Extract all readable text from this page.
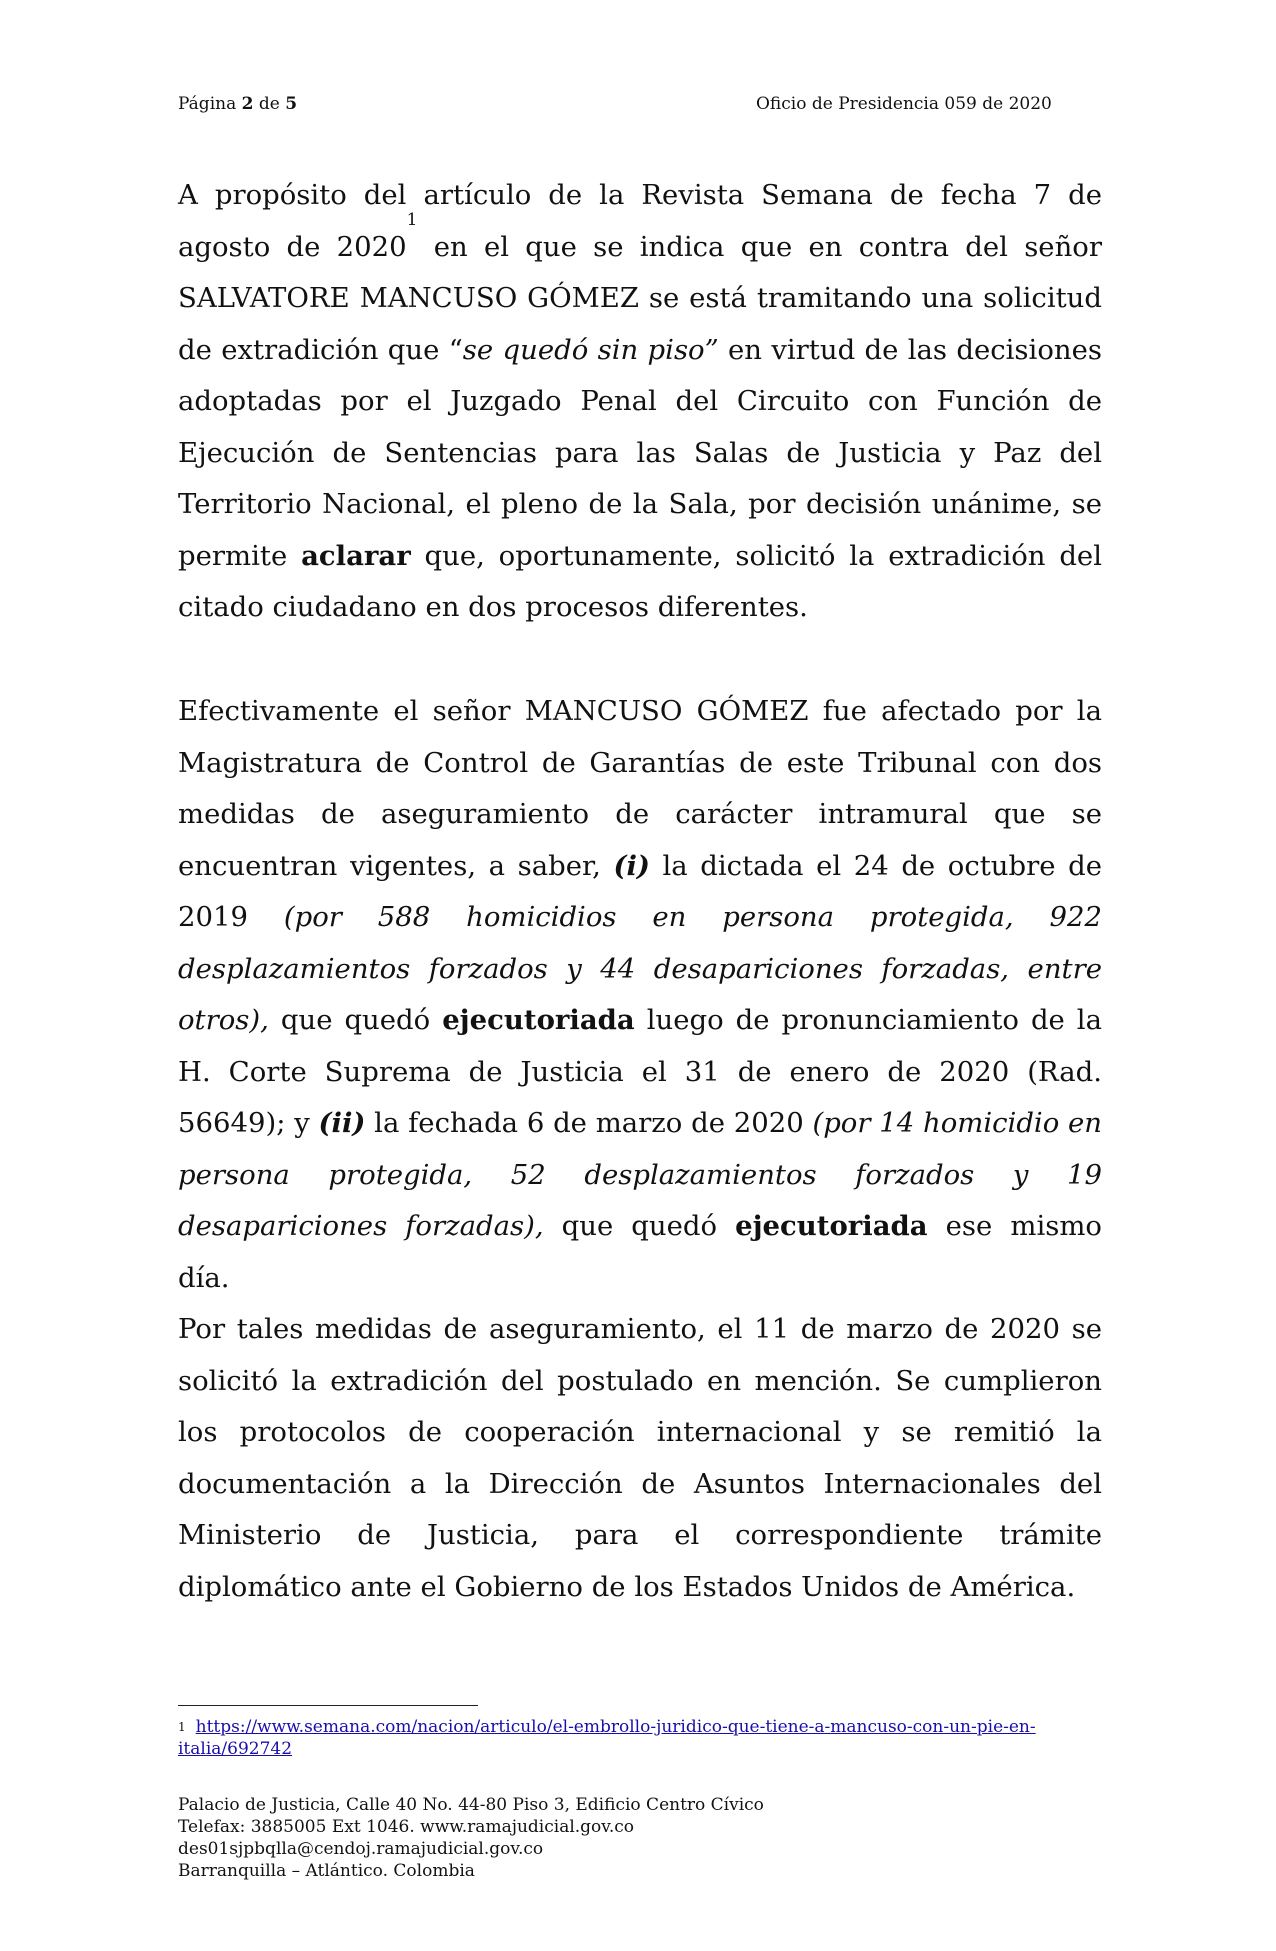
Página 2 de 5	Oficio de Presidencia 059 de 2020

A propósito del artículo de la Revista Semana de fecha 7 de agosto de 2020$^1$ en el que se indica que en contra del señor SALVATORE MANCUSO GÓMEZ se está tramitando una solicitud de extradición que “se quedó sin piso” en virtud de las decisiones adoptadas por el Juzgado Penal del Circuito con Función de Ejecución de Sentencias para las Salas de Justicia y Paz del Territorio Nacional, el pleno de la Sala, por decisión unánime, se permite aclarar que, oportunamente, solicitó la extradición del citado ciudadano en dos procesos diferentes.

Efectivamente el señor MANCUSO GÓMEZ fue afectado por la Magistratura de Control de Garantías de este Tribunal con dos medidas de aseguramiento de carácter intramural que se encuentran vigentes, a saber, (i) la dictada el 24 de octubre de 2019 (por 588 homicidios en persona protegida, 922 desplazamientos forzados y 44 desapariciones forzadas, entre otros), que quedó ejecutoriada luego de pronunciamiento de la H. Corte Suprema de Justicia el 31 de enero de 2020 (Rad. 56649); y (ii) la fechada 6 de marzo de 2020 (por 14 homicidio en persona protegida, 52 desplazamientos forzados y 19 desapariciones forzadas), que quedó ejecutoriada ese mismo día.

Por tales medidas de aseguramiento, el 11 de marzo de 2020 se solicitó la extradición del postulado en mención. Se cumplieron los protocolos de cooperación internacional y se remitió la documentación a la Dirección de Asuntos Internacionales del Ministerio de Justicia, para el correspondiente trámite diplomático ante el Gobierno de los Estados Unidos de América.

$^1$ https://www.semana.com/nacion/articulo/el-embrollo-juridico-que-tiene-a-mancuso-con-un-pie-en-italia/692742
Palacio de Justicia, Calle 40 No. 44-80 Piso 3, Edificio Centro Cívico
Telefax: 3885005 Ext 1046. www.ramajudicial.gov.co
des01sjpbqlla@cendoj.ramajudicial.gov.co
Barranquilla – Atlántico. Colombia
